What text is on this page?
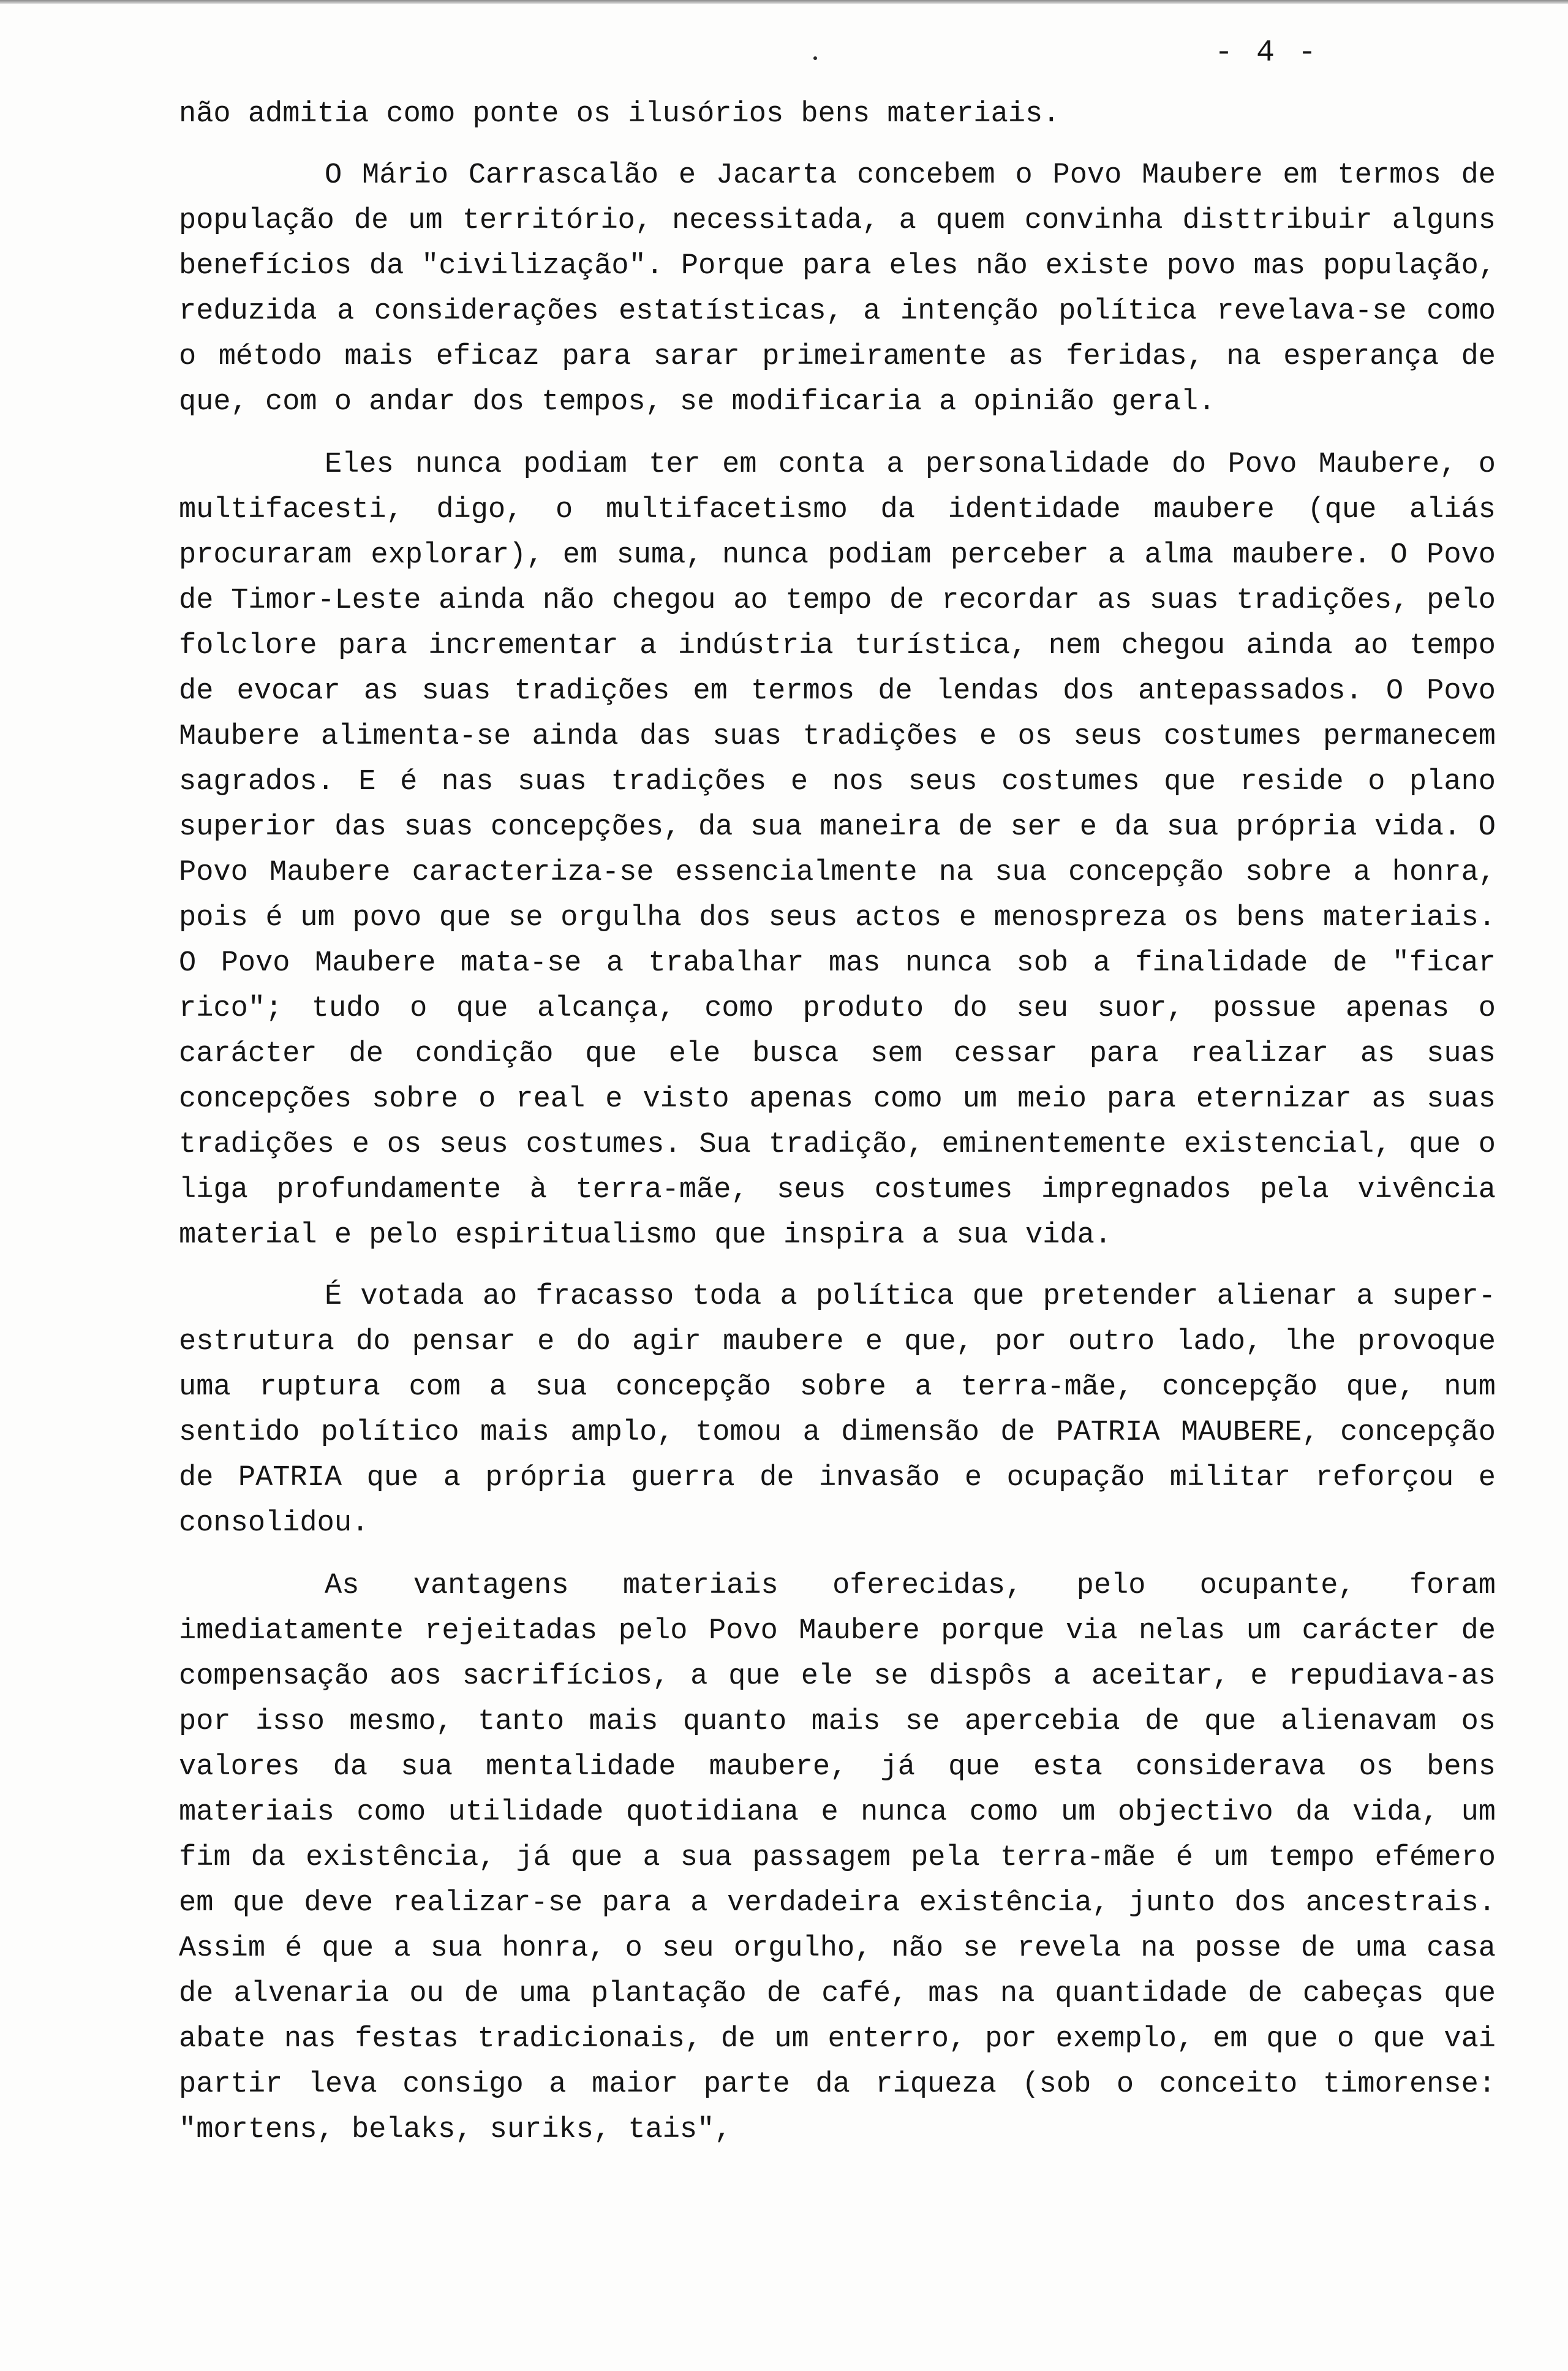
- 4 -

não admitia como ponte os ilusórios bens materiais.

O Mário Carrascalão e Jacarta concebem o Povo Maubere em termos de população de um território, necessitada, a quem convinha disttribuir alguns benefícios da "civilização". Porque para eles não existe povo mas população, reduzida a considerações estatísticas, a intenção política revelava-se como o método mais eficaz para sarar primeiramente as feridas, na esperança de que, com o andar dos tempos, se modificaria a opinião geral.

Eles nunca podiam ter em conta a personalidade do Povo Maubere, o multifacesti, digo, o multifacetismo da identidade maubere (que aliás procuraram explorar), em suma, nunca podiam perceber a alma maubere. O Povo de Timor-Leste ainda não chegou ao tempo de recordar as suas tradições, pelo folclore para incrementar a indústria turística, nem chegou ainda ao tempo de evocar as suas tradições em termos de lendas dos antepassados. O Povo Maubere alimenta-se ainda das suas tradições e os seus costumes permanecem sagrados. E é nas suas tradições e nos seus costumes que reside o plano superior das suas concepções, da sua maneira de ser e da sua própria vida. O Povo Maubere caracteriza-se essencialmente na sua concepção sobre a honra, pois é um povo que se orgulha dos seus actos e menospreza os bens materiais. O Povo Maubere mata-se a trabalhar mas nunca sob a finalidade de "ficar rico"; tudo o que alcança, como produto do seu suor, possue apenas o carácter de condição que ele busca sem cessar para realizar as suas concepções sobre o real e visto apenas como um meio para eternizar as suas tradições e os seus costumes. Sua tradição, eminentemente existencial, que o liga profundamente à terra-mãe, seus costumes impregnados pela vivência material e pelo espiritualismo que inspira a sua vida.

É votada ao fracasso toda a política que pretender alienar a super-estrutura do pensar e do agir maubere e que, por outro lado, lhe provoque uma ruptura com a sua concepção sobre a terra-mãe, concepção que, num sentido político mais amplo, tomou a dimensão de PATRIA MAUBERE, concepção de PATRIA que a própria guerra de invasão e ocupação militar reforçou e consolidou.

As vantagens materiais oferecidas, pelo ocupante, foram imediatamente rejeitadas pelo Povo Maubere porque via nelas um carácter de compensação aos sacrifícios, a que ele se dispôs a aceitar, e repudiava-as por isso mesmo, tanto mais quanto mais se apercebia de que alienavam os valores da sua mentalidade maubere, já que esta considerava os bens materiais como utilidade quotidiana e nunca como um objectivo da vida, um fim da existência, já que a sua passagem pela terra-mãe é um tempo efémero em que deve realizar-se para a verdadeira existência, junto dos ancestrais. Assim é que a sua honra, o seu orgulho, não se revela na posse de uma casa de alvenaria ou de uma plantação de café, mas na quantidade de cabeças que abate nas festas tradicionais, de um enterro, por exemplo, em que o que vai partir leva consigo a maior parte da riqueza (sob o conceito timorense: "mortens, belaks, suriks, tais",
